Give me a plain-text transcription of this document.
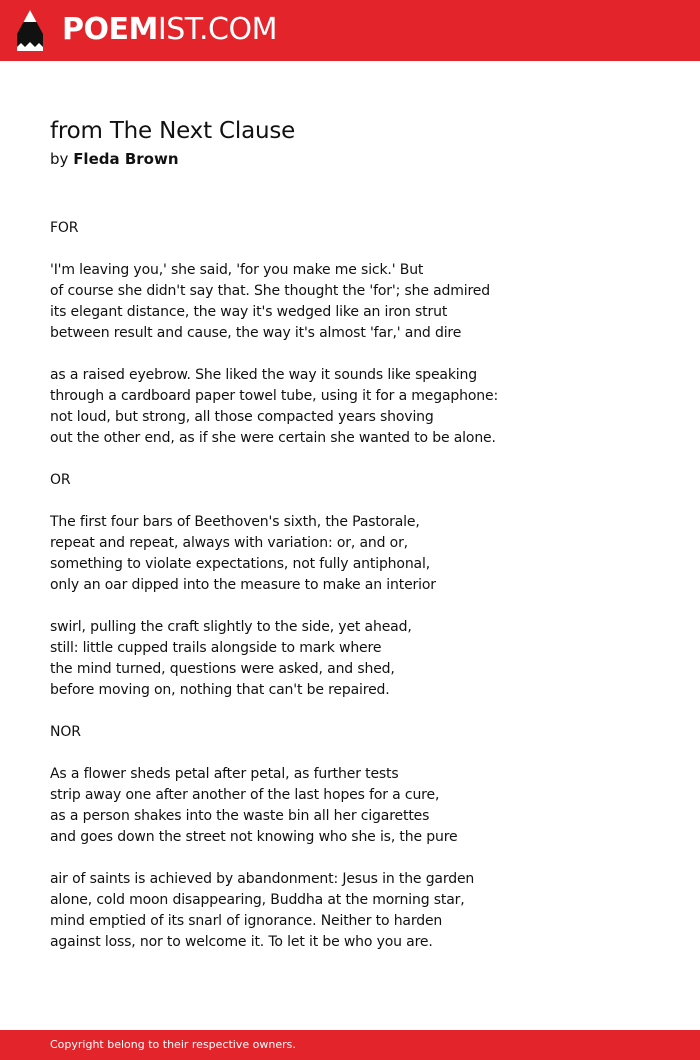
POEMIST.COM
from The Next Clause
by Fleda Brown
FOR
'I'm leaving you,' she said, 'for you make me sick.' But
of course she didn't say that. She thought the 'for'; she admired
its elegant distance, the way it's wedged like an iron strut
between result and cause, the way it's almost 'far,' and dire
as a raised eyebrow. She liked the way it sounds like speaking
through a cardboard paper towel tube, using it for a megaphone:
not loud, but strong, all those compacted years shoving
out the other end, as if she were certain she wanted to be alone.
OR
The first four bars of Beethoven's sixth, the Pastorale,
repeat and repeat, always with variation: or, and or,
something to violate expectations, not fully antiphonal,
only an oar dipped into the measure to make an interior
swirl, pulling the craft slightly to the side, yet ahead,
still: little cupped trails alongside to mark where
the mind turned, questions were asked, and shed,
before moving on, nothing that can't be repaired.
NOR
As a flower sheds petal after petal, as further tests
strip away one after another of the last hopes for a cure,
as a person shakes into the waste bin all her cigarettes
and goes down the street not knowing who she is, the pure
air of saints is achieved by abandonment: Jesus in the garden
alone, cold moon disappearing, Buddha at the morning star,
mind emptied of its snarl of ignorance. Neither to harden
against loss, nor to welcome it. To let it be who you are.
Copyright belong to their respective owners.
